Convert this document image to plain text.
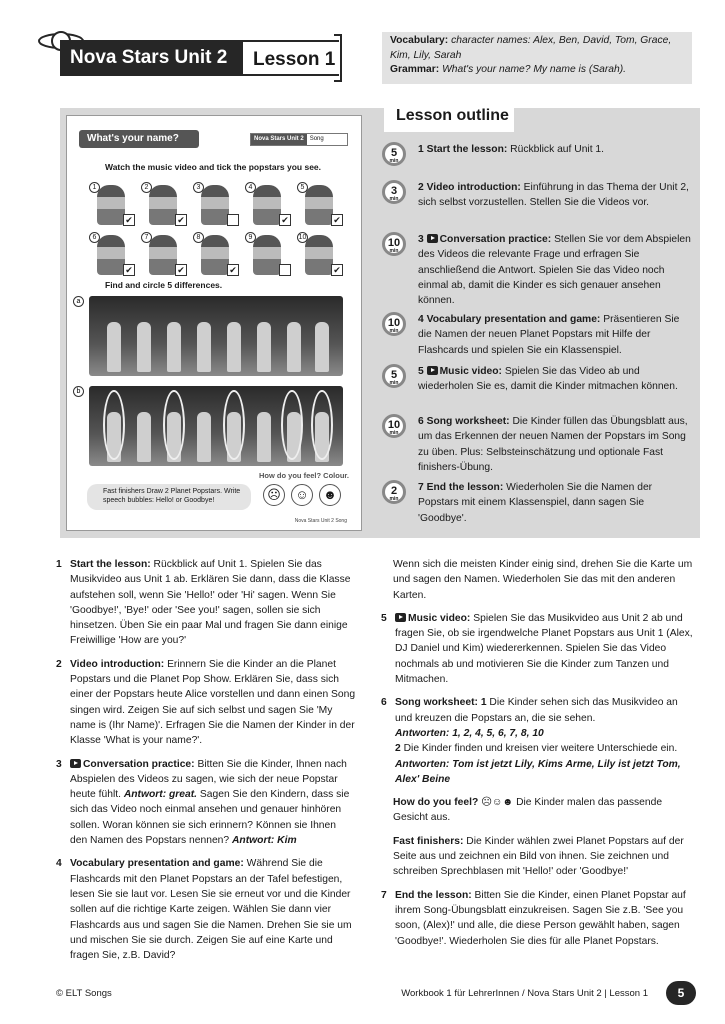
Nova Stars Unit 2	Lesson 1
Vocabulary: character names: Alex, Ben, David, Tom, Grace, Kim, Lily, Sarah
Grammar: What's your name? My name is (Sarah).
What's your name?	Nova Stars Unit 2	Song
Watch the music video and tick the popstars you see.
1
✔
2
✔
3	4
✔
5
✔
6
✔
7
✔
8
✔
9	10
✔
Find and circle 5 differences.
a
b
Fast finishers Draw 2 Planet Popstars. Write speech bubbles: Hello! or Goodbye!
How do you feel? Colour.
☹	☺	☻
Nova Stars Unit 2 Song
Lesson outline
5
min
1 Start the lesson: Rückblick auf Unit 1.
3
min
2 Video introduction: Einführung in das Thema der Unit 2, sich selbst vorzustellen. Stellen Sie die Videos vor.
10
min
3 Conversation practice: Stellen Sie vor dem Abspielen des Videos die relevante Frage und erfragen Sie anschließend die Antwort. Spielen Sie das Video noch einmal ab, damit die Kinder es sich genauer ansehen können.
10
min
4 Vocabulary presentation and game: Präsentieren Sie die Namen der neuen Planet Popstars mit Hilfe der Flashcards und spielen Sie ein Klassenspiel.
5
min
5 Music video: Spielen Sie das Video ab und wiederholen Sie es, damit die Kinder mitmachen können.
10
min
6 Song worksheet: Die Kinder füllen das Übungsblatt aus, um das Erkennen der neuen Namen der Popstars im Song zu üben. Plus: Selbsteinschätzung und optionale Fast finishers-Übung.
2
min
7 End the lesson: Wiederholen Sie die Namen der Popstars mit einem Klassenspiel, dann sagen Sie 'Goodbye'.
1 Start the lesson: Rückblick auf Unit 1. Spielen Sie das Musikvideo aus Unit 1 ab. Erklären Sie dann, dass die Klasse aufstehen soll, wenn Sie 'Hello!' oder 'Hi' sagen. Wenn Sie 'Goodbye!', 'Bye!' oder 'See you!' sagen, sollen sie sich hinsetzen. Üben Sie ein paar Mal und fragen Sie dann einige Freiwillige 'How are you?'
2 Video introduction: Erinnern Sie die Kinder an die Planet Popstars und die Planet Pop Show. Erklären Sie, dass sich einer der Popstars heute Alice vorstellen und dann einen Song singen wird. Zeigen Sie auf sich selbst und sagen Sie 'My name is (Ihr Name)'. Erfragen Sie die Namen der Kinder in der Klasse 'What is your name?'.
3 Conversation practice: Bitten Sie die Kinder, Ihnen nach Abspielen des Videos zu sagen, wie sich der neue Popstar heute fühlt. Antwort: great. Sagen Sie den Kindern, dass sie sich das Video noch einmal ansehen und genauer hinhören sollen. Woran können sie sich erinnern? Können sie Ihnen den Namen des Popstars nennen? Antwort: Kim
4 Vocabulary presentation and game: Während Sie die Flashcards mit den Planet Popstars an der Tafel befestigen, lesen Sie sie laut vor. Lesen Sie sie erneut vor und die Kinder sollen auf die richtige Karte zeigen. Wählen Sie dann vier Flashcards aus und sagen Sie die Namen. Drehen Sie sie um und mischen Sie sie durch. Zeigen Sie auf eine Karte und fragen Sie, z.B. David?
Wenn sich die meisten Kinder einig sind, drehen Sie die Karte um und sagen den Namen. Wiederholen Sie das mit den anderen Karten.
5 Music video: Spielen Sie das Musikvideo aus Unit 2 ab und fragen Sie, ob sie irgendwelche Planet Popstars aus Unit 1 (Alex, DJ Daniel und Kim) wiedererkennen. Spielen Sie das Video nochmals ab und motivieren Sie die Kinder zum Tanzen und Mitmachen.
6 Song worksheet: 1 Die Kinder sehen sich das Musikvideo an und kreuzen die Popstars an, die sie sehen.
Antworten: 1, 2, 4, 5, 6, 7, 8, 10
2 Die Kinder finden und kreisen vier weitere Unterschiede ein. Antworten: Tom ist jetzt Lily, Kims Arme, Lily ist jetzt Tom, Alex' Beine
How do you feel? ☹☺☻ Die Kinder malen das passende Gesicht aus.
Fast finishers: Die Kinder wählen zwei Planet Popstars auf der Seite aus und zeichnen ein Bild von ihnen. Sie zeichnen und schreiben Sprechblasen mit 'Hello!' oder 'Goodbye!'
7 End the lesson: Bitten Sie die Kinder, einen Planet Popstar auf ihrem Song-Übungsblatt einzukreisen. Sagen Sie z.B. 'See you soon, (Alex)!' und alle, die diese Person gewählt haben, sagen 'Goodbye!'. Wiederholen Sie dies für alle Planet Popstars.
© ELT Songs	Workbook 1 für LehrerInnen / Nova Stars Unit 2 | Lesson 1	5
